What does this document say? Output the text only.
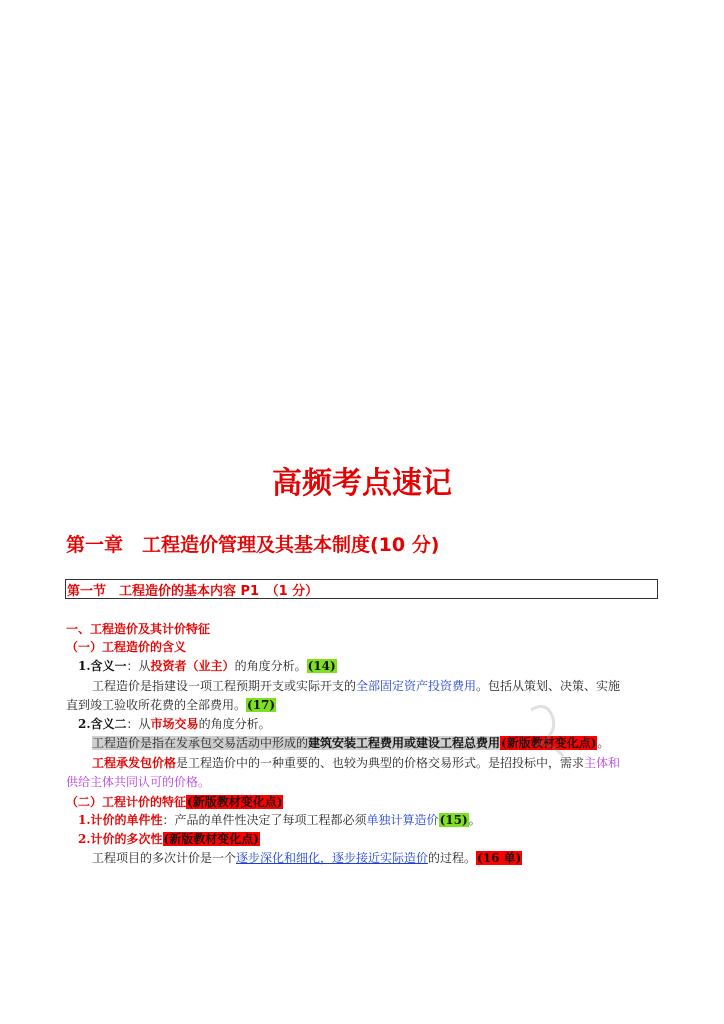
高频考点速记
第一章　工程造价管理及其基本制度(10 分)
第一节　工程造价的基本内容 P1　（1 分）
一、工程造价及其计价特征
（一）工程造价的含义
1.含义一：从投资者（业主）的角度分析。(14)
工程造价是指建设一项工程预期开支或实际开支的全部固定资产投资费用。包括从策划、决策、实施
直到竣工验收所花费的全部费用。(17)
2.含义二：从市场交易的角度分析。
工程造价是指在发承包交易活动中形成的建筑安装工程费用或建设工程总费用(新版教材变化点)。
工程承发包价格是工程造价中的一种重要的、也较为典型的价格交易形式。是招投标中，需求主体和
供给主体共同认可的价格。
（二）工程计价的特征(新版教材变化点)
1.计价的单件性：产品的单件性决定了每项工程都必须单独计算造价(15)。
2.计价的多次性(新版教材变化点)
工程项目的多次计价是一个逐步深化和细化，逐步接近实际造价的过程。(16 单)
